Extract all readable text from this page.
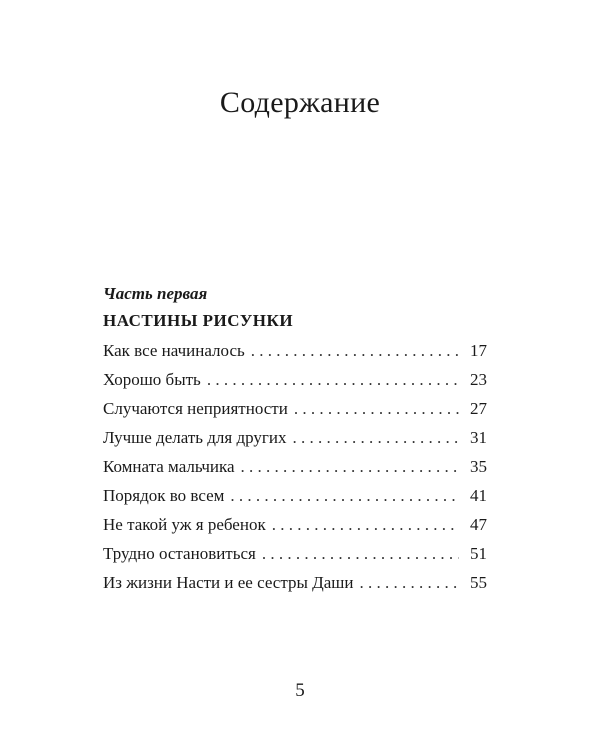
Содержание
Часть первая
НАСТИНЫ РИСУНКИ
Как все начиналось . . .	17
Хорошо быть . . .	23
Случаются неприятности . . .	27
Лучше делать для других . . .	31
Комната мальчика . . .	35
Порядок во всем . . .	41
Не такой уж я ребенок . . .	47
Трудно остановиться . . .	51
Из жизни Насти и ее сестры Даши . . .	55
5
